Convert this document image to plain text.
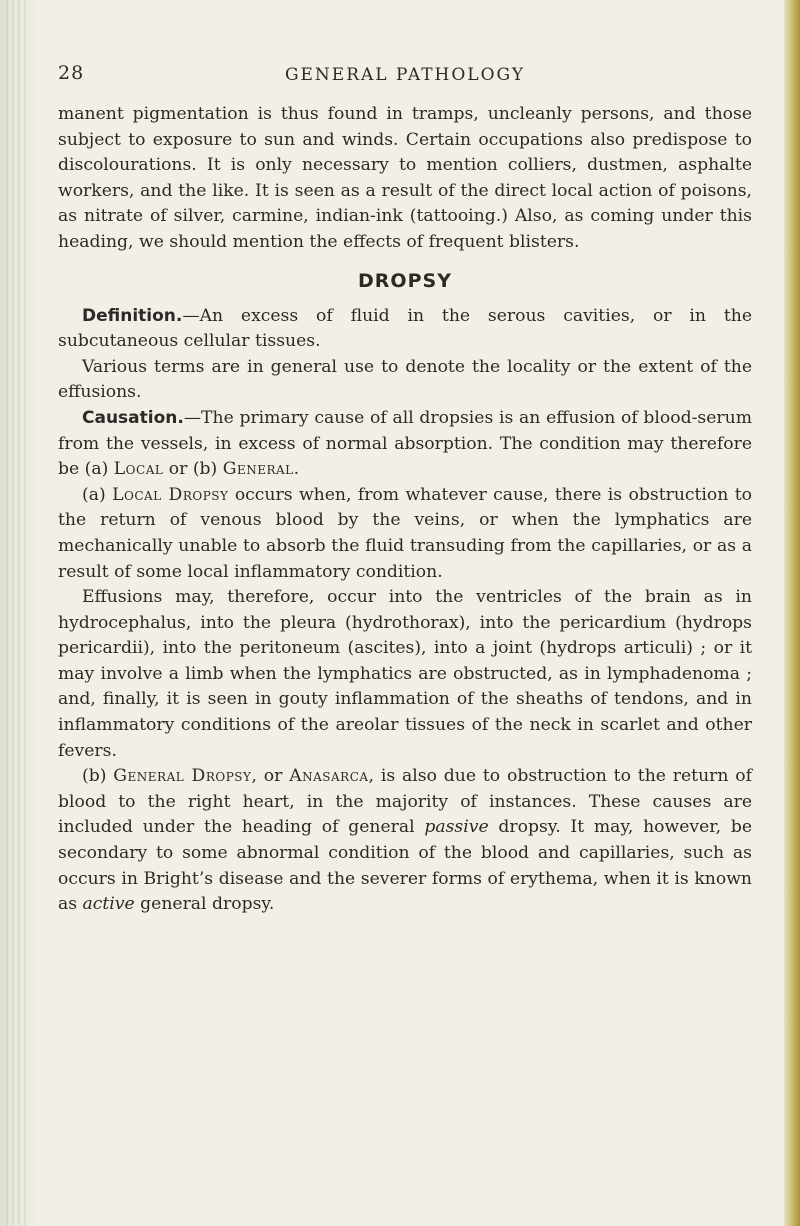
28	GENERAL PATHOLOGY

manent pigmentation is thus found in tramps, uncleanly persons, and those subject to exposure to sun and winds. Certain occupations also predispose to discolourations. It is only necessary to mention colliers, dustmen, asphalte workers, and the like. It is seen as a result of the direct local action of poisons, as nitrate of silver, carmine, indian-ink (tattooing.) Also, as coming under this heading, we should mention the effects of frequent blisters.

DROPSY

Definition.—An excess of fluid in the serous cavities, or in the subcutaneous cellular tissues.

Various terms are in general use to denote the locality or the extent of the effusions.

Causation.—The primary cause of all dropsies is an effusion of blood-serum from the vessels, in excess of normal absorption. The condition may therefore be (a) Local or (b) General.

(a) Local Dropsy occurs when, from whatever cause, there is obstruction to the return of venous blood by the veins, or when the lymphatics are mechanically unable to absorb the fluid transuding from the capillaries, or as a result of some local inflammatory condition.

Effusions may, therefore, occur into the ventricles of the brain as in hydrocephalus, into the pleura (hydrothorax), into the pericardium (hydrops pericardii), into the peritoneum (ascites), into a joint (hydrops articuli) ; or it may involve a limb when the lymphatics are obstructed, as in lymphadenoma ; and, finally, it is seen in gouty inflammation of the sheaths of tendons, and in inflammatory conditions of the areolar tissues of the neck in scarlet and other fevers.

(b) General Dropsy, or Anasarca, is also due to obstruction to the return of blood to the right heart, in the majority of instances. These causes are included under the heading of general passive dropsy. It may, however, be secondary to some abnormal condition of the blood and capillaries, such as occurs in Bright’s disease and the severer forms of erythema, when it is known as active general dropsy.
